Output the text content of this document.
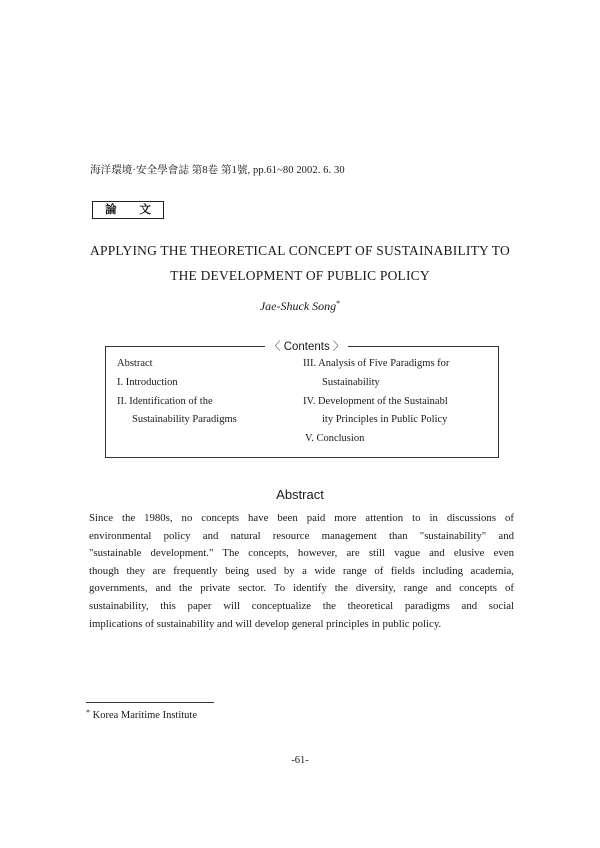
海洋環境·安全學會誌 第8卷 第1號, pp.61~80 2002. 6. 30
論 文
APPLYING THE THEORETICAL CONCEPT OF SUSTAINABILITY TO
THE DEVELOPMENT OF PUBLIC POLICY
Jae-Shuck Song*
〈 Contents 〉
Abstract
I. Introduction
II. Identification of the
Sustainability Paradigms
III. Analysis of Five Paradigms for
Sustainability
IV. Development of the Sustainabl
ity Principles in Public Policy
V. Conclusion
Abstract
Since the 1980s, no concepts have been paid more attention to in discussions of
environmental policy and natural resource management than "sustainability" and
"sustainable development." The concepts, however, are still vague and elusive even
though they are frequently being used by a wide range of fields including academia,
governments, and the private sector. To identify the diversity, range and concepts of
sustainability, this paper will conceptualize the theoretical paradigms and social
implications of sustainability and will develop general principles in public policy.
* Korea Maritime Institute
-61-
